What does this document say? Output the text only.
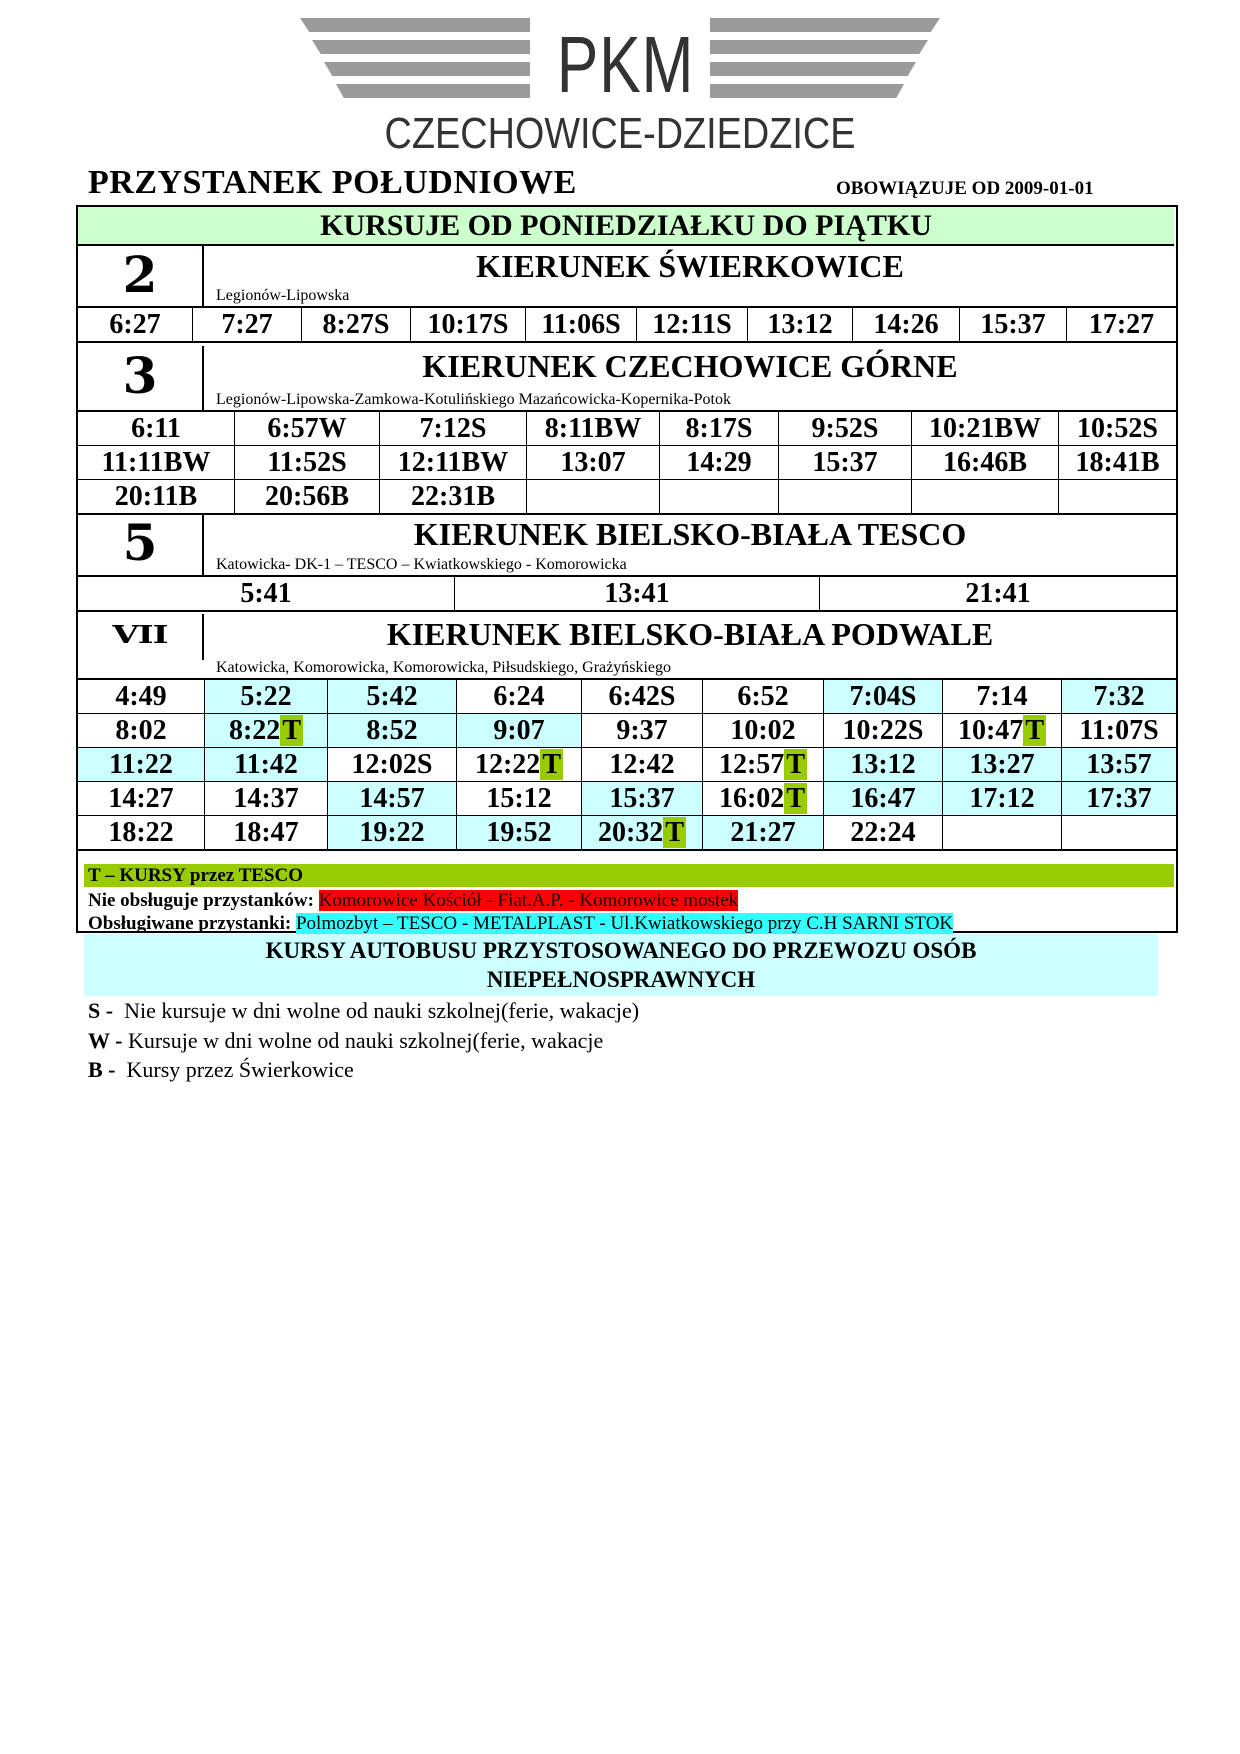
PKM
CZECHOWICE-DZIEDZICE
PRZYSTANEK POŁUDNIOWE	OBOWIĄZUJE OD 2009-01-01
KURSUJE OD PONIEDZIAŁKU DO PIĄTKU
2	KIERUNEK ŚWIERKOWICE
Legionów-Lipowska
6:27	7:27	8:27S	10:17S	11:06S	12:11S	13:12	14:26	15:37	17:27
3	KIERUNEK CZECHOWICE GÓRNE
Legionów-Lipowska-Zamkowa-Kotulińskiego Mazańcowicka-Kopernika-Potok
6:11	6:57W	7:12S	8:11BW	8:17S	9:52S	10:21BW	10:52S
11:11BW	11:52S	12:11BW	13:07	14:29	15:37	16:46B	18:41B
20:11B	20:56B	22:31B					
5	KIERUNEK BIELSKO-BIAŁA TESCO
Katowicka- DK-1 – TESCO – Kwiatkowskiego - Komorowicka
5:41	13:41	21:41
VII	KIERUNEK BIELSKO-BIAŁA PODWALE
Katowicka, Komorowicka, Komorowicka, Piłsudskiego, Grażyńskiego
4:49	5:22	5:42	6:24	6:42S	6:52	7:04S	7:14	7:32
8:02	8:22T	8:52	9:07	9:37	10:02	10:22S	10:47T	11:07S
11:22	11:42	12:02S	12:22T	12:42	12:57T	13:12	13:27	13:57
14:27	14:37	14:57	15:12	15:37	16:02T	16:47	17:12	17:37
18:22	18:47	19:22	19:52	20:32T	21:27	22:24		
T – KURSY przez TESCO
Nie obsługuje przystanków: Komorowice Kościół - Fiat.A.P. - Komorowice mostek
Obsługiwane przystanki: Polmozbyt – TESCO - METALPLAST - Ul.Kwiatkowskiego przy C.H SARNI STOK
KURSY AUTOBUSU PRZYSTOSOWANEGO DO PRZEWOZU OSÓB
NIEPEŁNOSPRAWNYCH
S -  Nie kursuje w dni wolne od nauki szkolnej(ferie, wakacje)
W - Kursuje w dni wolne od nauki szkolnej(ferie, wakacje
B -  Kursy przez Świerkowice
